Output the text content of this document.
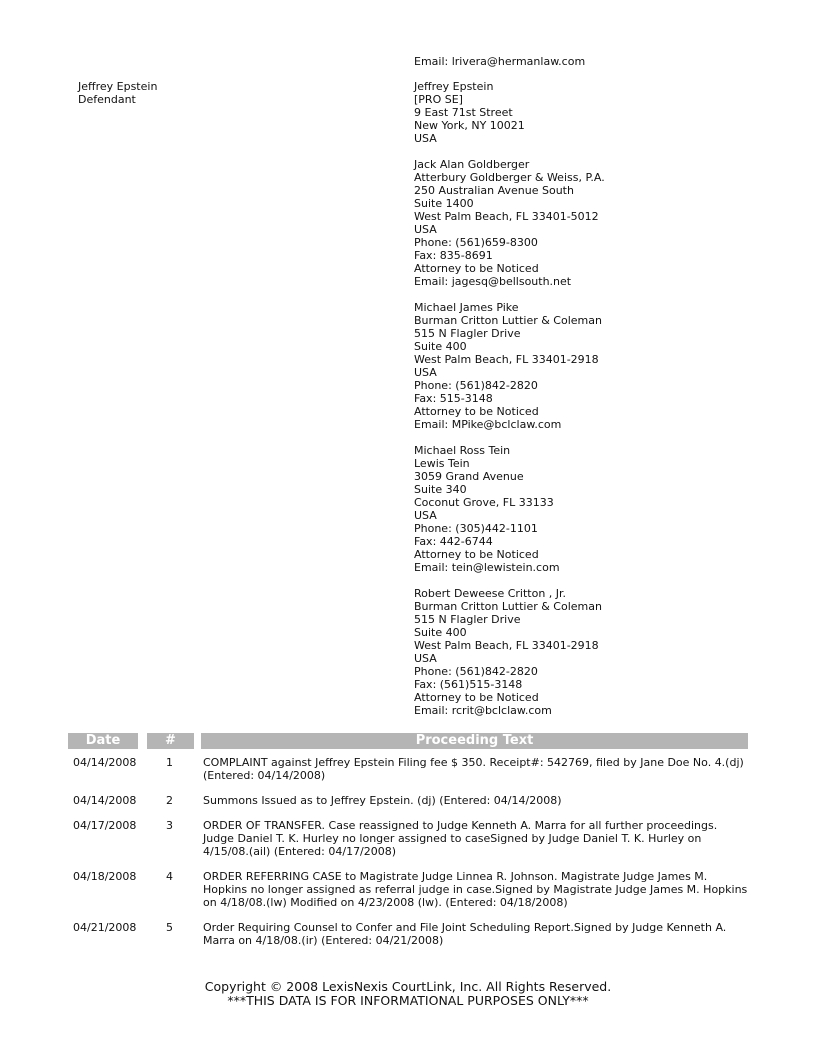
Email: lrivera@hermanlaw.com
Jeffrey Epstein
Defendant
Jeffrey Epstein
[PRO SE]
9 East 71st Street
New York, NY 10021
USA
Jack Alan Goldberger
Atterbury Goldberger & Weiss, P.A.
250 Australian Avenue South
Suite 1400
West Palm Beach, FL 33401-5012
USA
Phone: (561)659-8300
Fax: 835-8691
Attorney to be Noticed
Email: jagesq@bellsouth.net
Michael James Pike
Burman Critton Luttier & Coleman
515 N Flagler Drive
Suite 400
West Palm Beach, FL 33401-2918
USA
Phone: (561)842-2820
Fax: 515-3148
Attorney to be Noticed
Email: MPike@bclclaw.com
Michael Ross Tein
Lewis Tein
3059 Grand Avenue
Suite 340
Coconut Grove, FL 33133
USA
Phone: (305)442-1101
Fax: 442-6744
Attorney to be Noticed
Email: tein@lewistein.com
Robert Deweese Critton , Jr.
Burman Critton Luttier & Coleman
515 N Flagler Drive
Suite 400
West Palm Beach, FL 33401-2918
USA
Phone: (561)842-2820
Fax: (561)515-3148
Attorney to be Noticed
Email: rcrit@bclclaw.com
Date	#	Proceeding Text
04/14/2008	1	COMPLAINT against Jeffrey Epstein Filing fee $ 350. Receipt#: 542769, filed by Jane Doe No. 4.(dj)
(Entered: 04/14/2008)
04/14/2008	2	Summons Issued as to Jeffrey Epstein. (dj) (Entered: 04/14/2008)
04/17/2008	3	ORDER OF TRANSFER. Case reassigned to Judge Kenneth A. Marra for all further proceedings.
Judge Daniel T. K. Hurley no longer assigned to caseSigned by Judge Daniel T. K. Hurley on
4/15/08.(ail) (Entered: 04/17/2008)
04/18/2008	4	ORDER REFERRING CASE to Magistrate Judge Linnea R. Johnson. Magistrate Judge James M.
Hopkins no longer assigned as referral judge in case.Signed by Magistrate Judge James M. Hopkins
on 4/18/08.(lw) Modified on 4/23/2008 (lw). (Entered: 04/18/2008)
04/21/2008	5	Order Requiring Counsel to Confer and File Joint Scheduling Report.Signed by Judge Kenneth A.
Marra on 4/18/08.(ir) (Entered: 04/21/2008)
Copyright © 2008 LexisNexis CourtLink, Inc. All Rights Reserved.
***THIS DATA IS FOR INFORMATIONAL PURPOSES ONLY***
